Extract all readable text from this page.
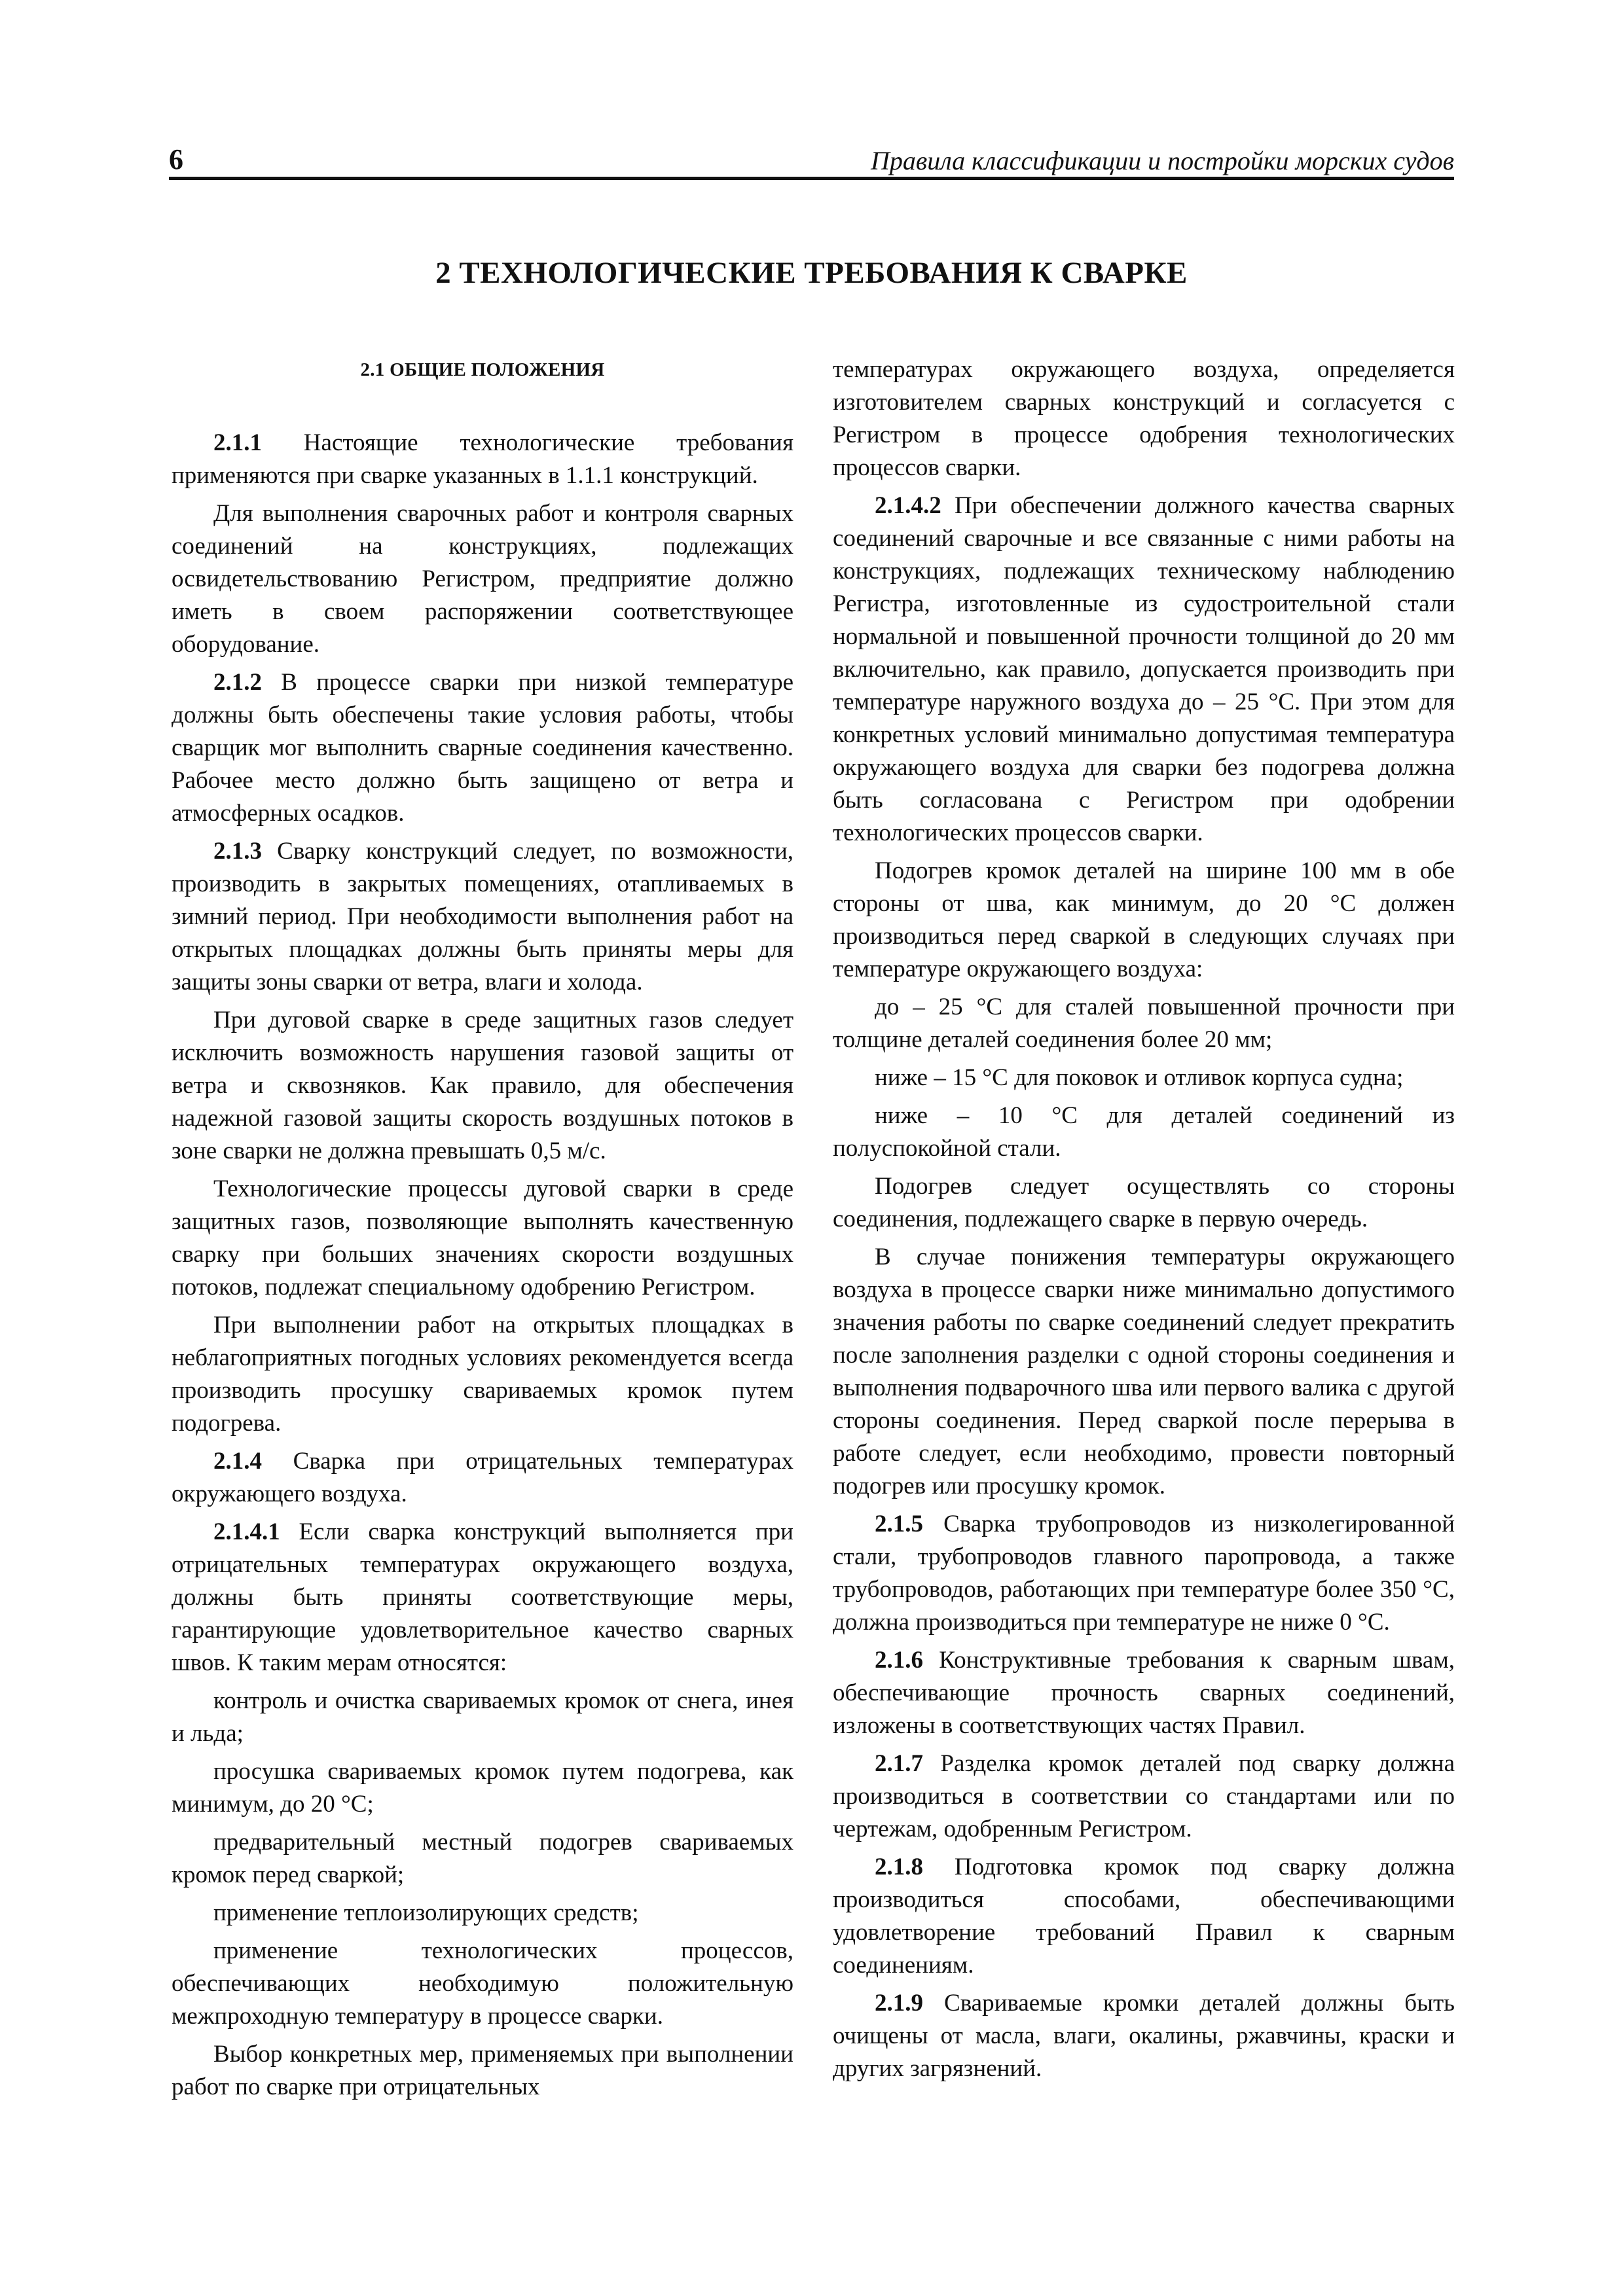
6	Правила классификации и постройки морских судов
2 ТЕХНОЛОГИЧЕСКИЕ ТРЕБОВАНИЯ К СВАРКЕ

2.1 ОБЩИЕ ПОЛОЖЕНИЯ

2.1.1 Настоящие технологические требования применяются при сварке указанных в 1.1.1 конструкций.

Для выполнения сварочных работ и контроля сварных соединений на конструкциях, подлежащих освидетельствованию Регистром, предприятие должно иметь в своем распоряжении соответствующее оборудование.

2.1.2 В процессе сварки при низкой температуре должны быть обеспечены такие условия работы, чтобы сварщик мог выполнить сварные соединения качественно. Рабочее место должно быть защищено от ветра и атмосферных осадков.

2.1.3 Сварку конструкций следует, по возможности, производить в закрытых помещениях, отапливаемых в зимний период. При необходимости выполнения работ на открытых площадках должны быть приняты меры для защиты зоны сварки от ветра, влаги и холода.

При дуговой сварке в среде защитных газов следует исключить возможность нарушения газовой защиты от ветра и сквозняков. Как правило, для обеспечения надежной газовой защиты скорость воздушных потоков в зоне сварки не должна превышать 0,5 м/с.

Технологические процессы дуговой сварки в среде защитных газов, позволяющие выполнять качественную сварку при больших значениях скорости воздушных потоков, подлежат специальному одобрению Регистром.

При выполнении работ на открытых площадках в неблагоприятных погодных условиях рекомендуется всегда производить просушку свариваемых кромок путем подогрева.

2.1.4 Сварка при отрицательных температурах окружающего воздуха.

2.1.4.1 Если сварка конструкций выполняется при отрицательных температурах окружающего воздуха, должны быть приняты соответствующие меры, гарантирующие удовлетворительное качество сварных швов. К таким мерам относятся:

контроль и очистка свариваемых кромок от снега, инея и льда;

просушка свариваемых кромок путем подогрева, как минимум, до 20 °С;

предварительный местный подогрев свариваемых кромок перед сваркой;

применение теплоизолирующих средств;

применение технологических процессов, обеспечивающих необходимую положительную межпроходную температуру в процессе сварки.

Выбор конкретных мер, применяемых при выполнении работ по сварке при отрицательных

температурах окружающего воздуха, определяется изготовителем сварных конструкций и согласуется с Регистром в процессе одобрения технологических процессов сварки.

2.1.4.2 При обеспечении должного качества сварных соединений сварочные и все связанные с ними работы на конструкциях, подлежащих техническому наблюдению Регистра, изготовленные из судостроительной стали нормальной и повышенной прочности толщиной до 20 мм включительно, как правило, допускается производить при температуре наружного воздуха до – 25 °С. При этом для конкретных условий минимально допустимая температура окружающего воздуха для сварки без подогрева должна быть согласована с Регистром при одобрении технологических процессов сварки.

Подогрев кромок деталей на ширине 100 мм в обе стороны от шва, как минимум, до 20 °С должен производиться перед сваркой в следующих случаях при температуре окружающего воздуха:

до – 25 °С для сталей повышенной прочности при толщине деталей соединения более 20 мм;

ниже – 15 °С для поковок и отливок корпуса судна;

ниже – 10 °С для деталей соединений из полуспокойной стали.

Подогрев следует осуществлять со стороны соединения, подлежащего сварке в первую очередь.

В случае понижения температуры окружающего воздуха в процессе сварки ниже минимально допустимого значения работы по сварке соединений следует прекратить после заполнения разделки с одной стороны соединения и выполнения подварочного шва или первого валика с другой стороны соединения. Перед сваркой после перерыва в работе следует, если необходимо, провести повторный подогрев или просушку кромок.

2.1.5 Сварка трубопроводов из низколегированной стали, трубопроводов главного паропровода, а также трубопроводов, работающих при температуре более 350 °С, должна производиться при температуре не ниже 0 °С.

2.1.6 Конструктивные требования к сварным швам, обеспечивающие прочность сварных соединений, изложены в соответствующих частях Правил.

2.1.7 Разделка кромок деталей под сварку должна производиться в соответствии со стандартами или по чертежам, одобренным Регистром.

2.1.8 Подготовка кромок под сварку должна производиться способами, обеспечивающими удовлетворение требований Правил к сварным соединениям.

2.1.9 Свариваемые кромки деталей должны быть очищены от масла, влаги, окалины, ржавчины, краски и других загрязнений.
